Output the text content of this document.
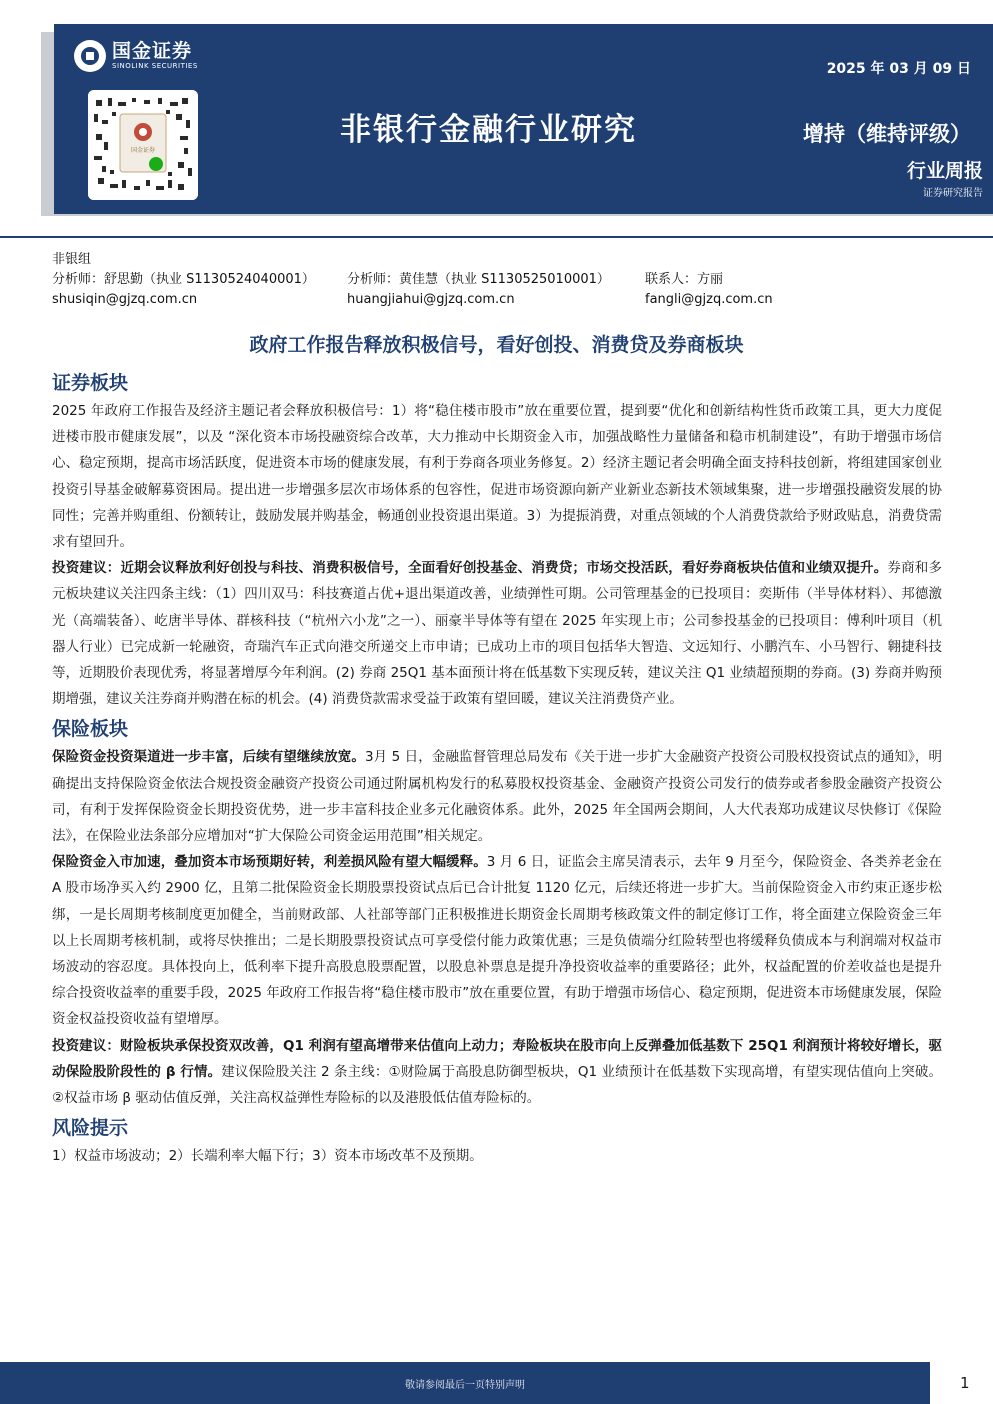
国金证券
SINOLINK SECURITIES
国金证券
2025 年 03 月 09 日
非银行金融行业研究	增持（维持评级）
行业周报
证券研究报告
非银组
分析师：舒思勤（执业 S1130524040001） 分析师：黄佳慧（执业 S1130525010001）	联系人：方丽
shusiqin@gjzq.com.cn	huangjiahui@gjzq.com.cn	fangli@gjzq.com.cn
政府工作报告释放积极信号，看好创投、消费贷及券商板块
证券板块

2025 年政府工作报告及经济主题记者会释放积极信号：1）将“稳住楼市股市”放在重要位置，提到要“优化和创新结构性货币政策工具，更大力度促进楼市股市健康发展”，以及 “深化资本市场投融资综合改革，大力推动中长期资金入市，加强战略性力量储备和稳市机制建设”，有助于增强市场信心、稳定预期，提高市场活跃度，促进资本市场的健康发展，有利于券商各项业务修复。2）经济主题记者会明确全面支持科技创新，将组建国家创业投资引导基金破解募资困局。提出进一步增强多层次市场体系的包容性，促进市场资源向新产业新业态新技术领域集聚，进一步增强投融资发展的协同性；完善并购重组、份额转让，鼓励发展并购基金，畅通创业投资退出渠道。3）为提振消费，对重点领域的个人消费贷款给予财政贴息，消费贷需求有望回升。

投资建议：近期会议释放利好创投与科技、消费积极信号，全面看好创投基金、消费贷；市场交投活跃，看好券商板块估值和业绩双提升。券商和多元板块建议关注四条主线：（1）四川双马：科技赛道占优+退出渠道改善，业绩弹性可期。公司管理基金的已投项目：奕斯伟（半导体材料）、邦德激光（高端装备）、屹唐半导体、群核科技（“杭州六小龙”之一）、丽豪半导体等有望在 2025 年实现上市；公司参投基金的已投项目：傅利叶项目（机器人行业）已完成新一轮融资，奇瑞汽车正式向港交所递交上市申请；已成功上市的项目包括华大智造、文远知行、小鹏汽车、小马智行、翱捷科技等，近期股价表现优秀，将显著增厚今年利润。(2) 券商 25Q1 基本面预计将在低基数下实现反转，建议关注 Q1 业绩超预期的券商。(3) 券商并购预期增强，建议关注券商并购潜在标的机会。(4) 消费贷款需求受益于政策有望回暖，建议关注消费贷产业。

保险板块

保险资金投资渠道进一步丰富，后续有望继续放宽。3月 5 日，金融监督管理总局发布《关于进一步扩大金融资产投资公司股权投资试点的通知》，明确提出支持保险资金依法合规投资金融资产投资公司通过附属机构发行的私募股权投资基金、金融资产投资公司发行的债券或者参股金融资产投资公司，有利于发挥保险资金长期投资优势，进一步丰富科技企业多元化融资体系。此外，2025 年全国两会期间，人大代表郑功成建议尽快修订《保险法》，在保险业法条部分应增加对“扩大保险公司资金运用范围”相关规定。

保险资金入市加速，叠加资本市场预期好转，利差损风险有望大幅缓释。3 月 6 日，证监会主席吴清表示，去年 9 月至今，保险资金、各类养老金在 A 股市场净买入约 2900 亿，且第二批保险资金长期股票投资试点后已合计批复 1120 亿元，后续还将进一步扩大。当前保险资金入市约束正逐步松绑，一是长周期考核制度更加健全，当前财政部、人社部等部门正积极推进长期资金长周期考核政策文件的制定修订工作，将全面建立保险资金三年以上长周期考核机制，或将尽快推出；二是长期股票投资试点可享受偿付能力政策优惠；三是负债端分红险转型也将缓释负债成本与利润端对权益市场波动的容忍度。具体投向上，低利率下提升高股息股票配置，以股息补票息是提升净投资收益率的重要路径；此外，权益配置的价差收益也是提升综合投资收益率的重要手段，2025 年政府工作报告将“稳住楼市股市”放在重要位置，有助于增强市场信心、稳定预期，促进资本市场健康发展，保险资金权益投资收益有望增厚。

投资建议：财险板块承保投资双改善，Q1 利润有望高增带来估值向上动力；寿险板块在股市向上反弹叠加低基数下 25Q1 利润预计将较好增长，驱动保险股阶段性的 β 行情。建议保险股关注 2 条主线：①财险属于高股息防御型板块，Q1 业绩预计在低基数下实现高增，有望实现估值向上突破。②权益市场 β 驱动估值反弹，关注高权益弹性寿险标的以及港股低估值寿险标的。

风险提示

1）权益市场波动；2）长端利率大幅下行；3）资本市场改革不及预期。

敬请参阅最后一页特别声明	1
